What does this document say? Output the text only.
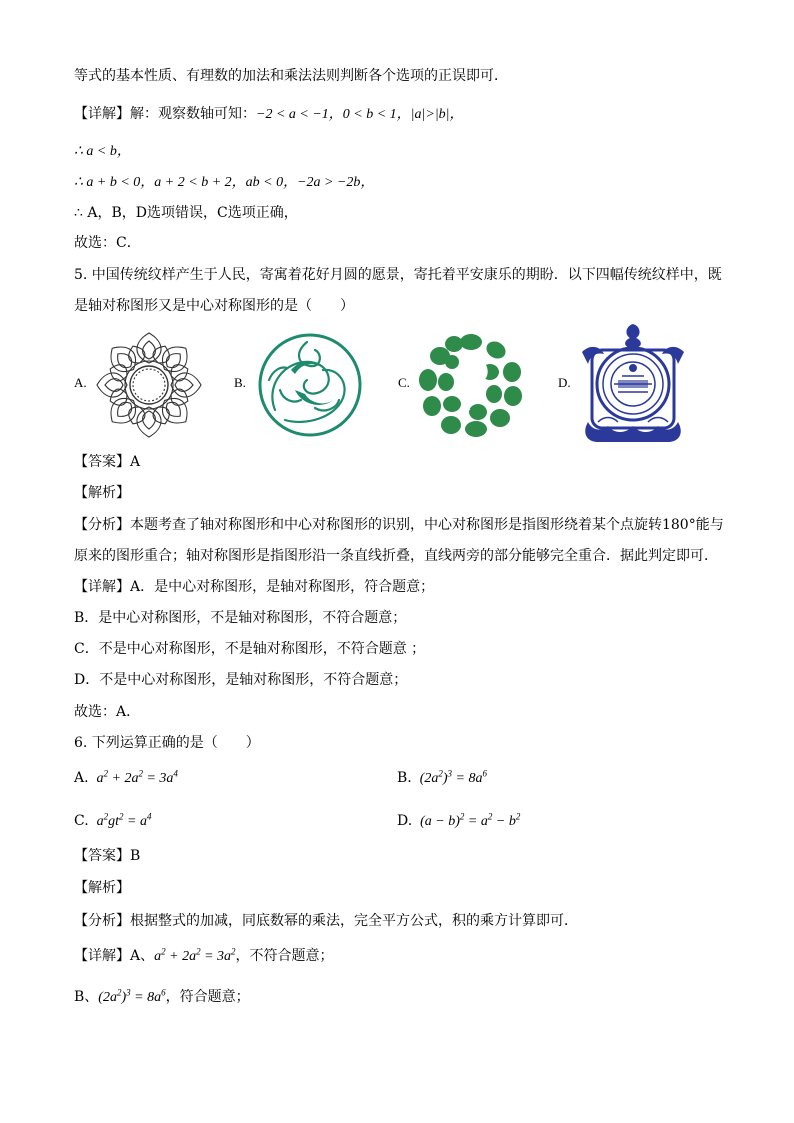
等式的基本性质、有理数的加法和乘法法则判断各个选项的正误即可．
【详解】解：观察数轴可知：−2 < a < −1，0 < b < 1，|a|>|b|，
∴ a < b，
∴ a + b < 0，a + 2 < b + 2，ab < 0，−2a > −2b，
∴ A，B，D选项错误，C选项正确，
故选：C．
5. 中国传统纹样产生于人民，寄寓着花好月圆的愿景，寄托着平安康乐的期盼．以下四幅传统纹样中，既
是轴对称图形又是中心对称图形的是（　　）
A.	B.	C.	D.
【答案】A
【解析】
【分析】本题考查了轴对称图形和中心对称图形的识别，中心对称图形是指图形绕着某个点旋转180°能与
原来的图形重合；轴对称图形是指图形沿一条直线折叠，直线两旁的部分能够完全重合．据此判定即可．
【详解】A．是中心对称图形，是轴对称图形，符合题意；
B．是中心对称图形，不是轴对称图形，不符合题意；
C．不是中心对称图形，不是轴对称图形，不符合题意 ；
D．不是中心对称图形，是轴对称图形，不符合题意；
故选：A．
6. 下列运算正确的是（　　）
A.  $a^2 + 2a^2 = 3a^4$	B.  $(2a^2)^3 = 8a^6$
C.  $a^2gt^2 = a^4$	D.  $(a - b)^2 = a^2 - b^2$
【答案】B
【解析】
【分析】根据整式的加减，同底数幂的乘法，完全平方公式，积的乘方计算即可．
【详解】A、$a^2 + 2a^2 = 3a^2$，不符合题意；
B、$(2a^2)^3 = 8a^6$，符合题意；
